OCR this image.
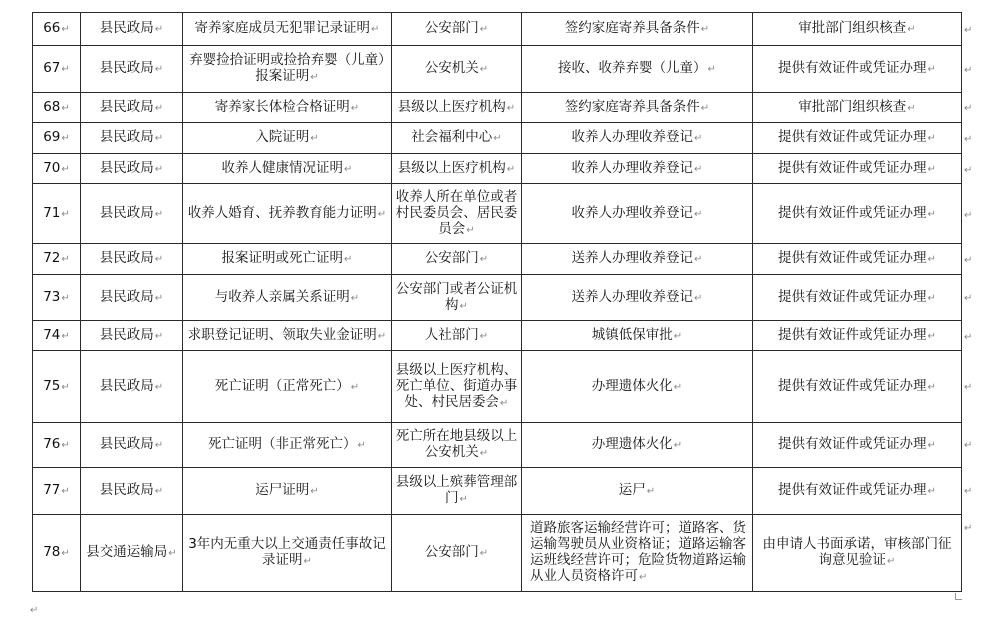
66↵	县民政局↵	寄养家庭成员无犯罪记录证明↵	公安部门↵	签约家庭寄养具备条件↵	审批部门组织核查↵
67↵	县民政局↵	弃婴捡拾证明或捡拾弃婴（儿童）报案证明↵	公安机关↵	接收、收养弃婴（儿童）↵	提供有效证件或凭证办理↵
68↵	县民政局↵	寄养家长体检合格证明↵	县级以上医疗机构↵	签约家庭寄养具备条件↵	审批部门组织核查↵
69↵	县民政局↵	入院证明↵	社会福利中心↵	收养人办理收养登记↵	提供有效证件或凭证办理↵
70↵	县民政局↵	收养人健康情况证明↵	县级以上医疗机构↵	收养人办理收养登记↵	提供有效证件或凭证办理↵
71↵	县民政局↵	收养人婚育、抚养教育能力证明↵	收养人所在单位或者村民委员会、居民委员会↵	收养人办理收养登记↵	提供有效证件或凭证办理↵
72↵	县民政局↵	报案证明或死亡证明↵	公安部门↵	送养人办理收养登记↵	提供有效证件或凭证办理↵
73↵	县民政局↵	与收养人亲属关系证明↵	公安部门或者公证机构↵	送养人办理收养登记↵	提供有效证件或凭证办理↵
74↵	县民政局↵	求职登记证明、领取失业金证明↵	人社部门↵	城镇低保审批↵	提供有效证件或凭证办理↵
75↵	县民政局↵	死亡证明（正常死亡）↵	县级以上医疗机构、死亡单位、街道办事处、村民居委会↵	办理遗体火化↵	提供有效证件或凭证办理↵
76↵	县民政局↵	死亡证明（非正常死亡）↵	死亡所在地县级以上公安机关↵	办理遗体火化↵	提供有效证件或凭证办理↵
77↵	县民政局↵	运尸证明↵	县级以上殡葬管理部门↵	运尸↵	提供有效证件或凭证办理↵
78↵	县交通运输局↵	3年内无重大以上交通责任事故记录证明↵	公安部门↵	道路旅客运输经营许可；道路客、货运输驾驶员从业资格证；道路运输客运班线经营许可；危险货物道路运输从业人员资格许可↵	由申请人书面承诺，审核部门征询意见验证↵
↵
↵
↵
↵
↵
↵
↵
↵
↵
↵
↵
↵
↵
↵
